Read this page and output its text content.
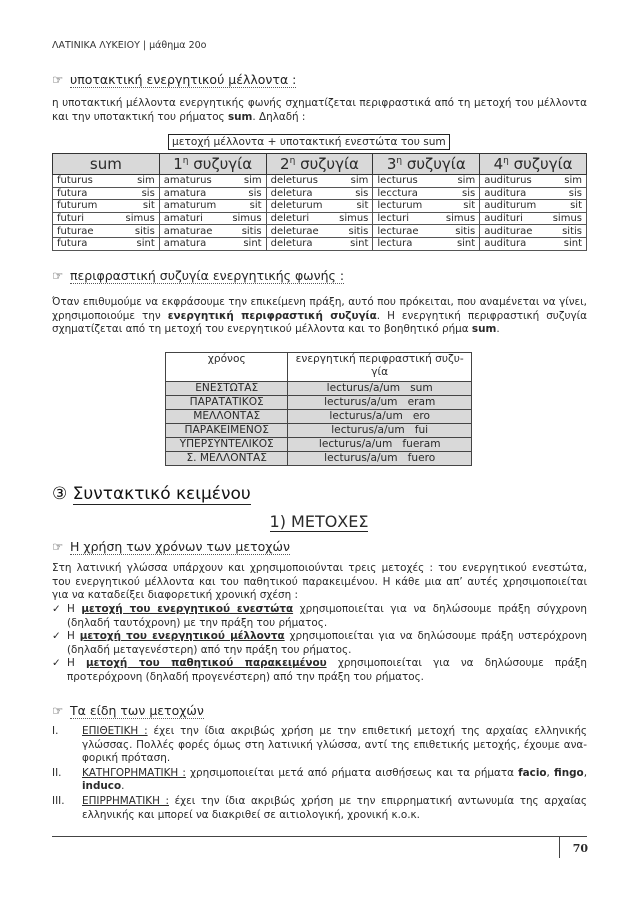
ΛΑΤΙΝΙΚΑ ΛΥΚΕΙΟΥ | μάθημα 20ο
☞ υποτακτική ενεργητικού μέλλοντα :
η υποτακτική μέλλοντα ενεργητικής φωνής σχηματίζεται περιφραστικά από τη μετοχή του μέλλοντα και την υποτακτική του ρήματος sum. Δηλαδή :
μετοχή μέλλοντα + υποτακτική ενεστώτα του sum
sum	$1^\eta$ συζυγία	$2^\eta$ συζυγία	$3^\eta$ συζυγία	$4^\eta$ συζυγία

futurus sim	amaturus sim	deleturus sim	lecturus sim	auditurus sim

futura sis	amatura sis	deletura sis	lecctura sis	auditura sis

futurum sit	amaturum sit	deleturum sit	lecturum sit	auditurum sit

futuri simus	amaturi simus	deleturi simus	lecturi simus	audituri simus

futurae sitis	amaturae sitis	deleturae sitis	lecturae sitis	auditurae sitis

futura sint	amatura sint	deletura sint	lectura sint	auditura sint
☞ περιφραστική συζυγία ενεργητικής φωνής :
Όταν επιθυμούμε να εκφράσουμε την επικείμενη πράξη, αυτό που πρόκειται, που αναμένεται να γίνει, χρησιμοποιούμε την ενεργητική περιφραστική συζυγία. Η ενεργητική περιφραστική συζυγία σχηματίζεται από τη μετοχή του ενεργητικού μέλλοντα και το βοηθητικό ρήμα sum.
χρόνος	ενεργητική περιφραστική συζυ-γία
ΕΝΕΣΤΩΤΑΣ	lecturus/a/um   sum
ΠΑΡΑΤΑΤΙΚΟΣ	lecturus/a/um   eram
ΜΕΛΛΟΝΤΑΣ	lecturus/a/um   ero
ΠΑΡΑΚΕΙΜΕΝΟΣ	lecturus/a/um   fui
ΥΠΕΡΣΥΝΤΕΛΙΚΟΣ	lecturus/a/um   fueram
Σ. ΜΕΛΛΟΝΤΑΣ	lecturus/a/um   fuero
③ Συντακτικό κειμένου
1) ΜΕΤΟΧΕΣ
☞ Η χρήση των χρόνων των μετοχών
Στη λατινική γλώσσα υπάρχουν και χρησιμοποιούνται τρεις μετοχές : του ενεργητικού ενεστώτα, του ενεργητικού μέλλοντα και του παθητικού παρακειμένου. Η κάθε μια απ’ αυτές χρησιμοποιείται για να καταδείξει διαφορετική χρονική σχέση :
✓ Η μετοχή του ενεργητικού ενεστώτα χρησιμοποιείται για να δηλώσουμε πράξη σύγχρονη (δηλαδή ταυτόχρονη) με την πράξη του ρήματος.
✓ Η μετοχή του ενεργητικού μέλλοντα χρησιμοποιείται για να δηλώσουμε πράξη υστερόχρονη (δηλαδή μεταγενέστερη) από την πράξη του ρήματος.
✓ Η μετοχή του παθητικού παρακειμένου χρησιμοποιείται για να δηλώσουμε πράξη προτερόχρονη (δηλαδή προγενέστερη) από την πράξη του ρήματος.
☞ Τα είδη των μετοχών
I. ΕΠΙΘΕΤΙΚΗ : έχει την ίδια ακριβώς χρήση με την επιθετική μετοχή της αρχαίας ελληνικής γλώσσας. Πολλές φορές όμως στη λατινική γλώσσα, αντί της επιθετικής μετοχής, έχουμε ανα-φορική πρόταση.
II. ΚΑΤΗΓΟΡΗΜΑΤΙΚΗ : χρησιμοποιείται μετά από ρήματα αισθήσεως και τα ρήματα facio, fingo, induco.
III. ΕΠΙΡΡΗΜΑΤΙΚΗ : έχει την ίδια ακριβώς χρήση με την επιρρηματική αντωνυμία της αρχαίας ελληνικής και μπορεί να διακριθεί σε αιτιολογική, χρονική κ.ο.κ.
70
